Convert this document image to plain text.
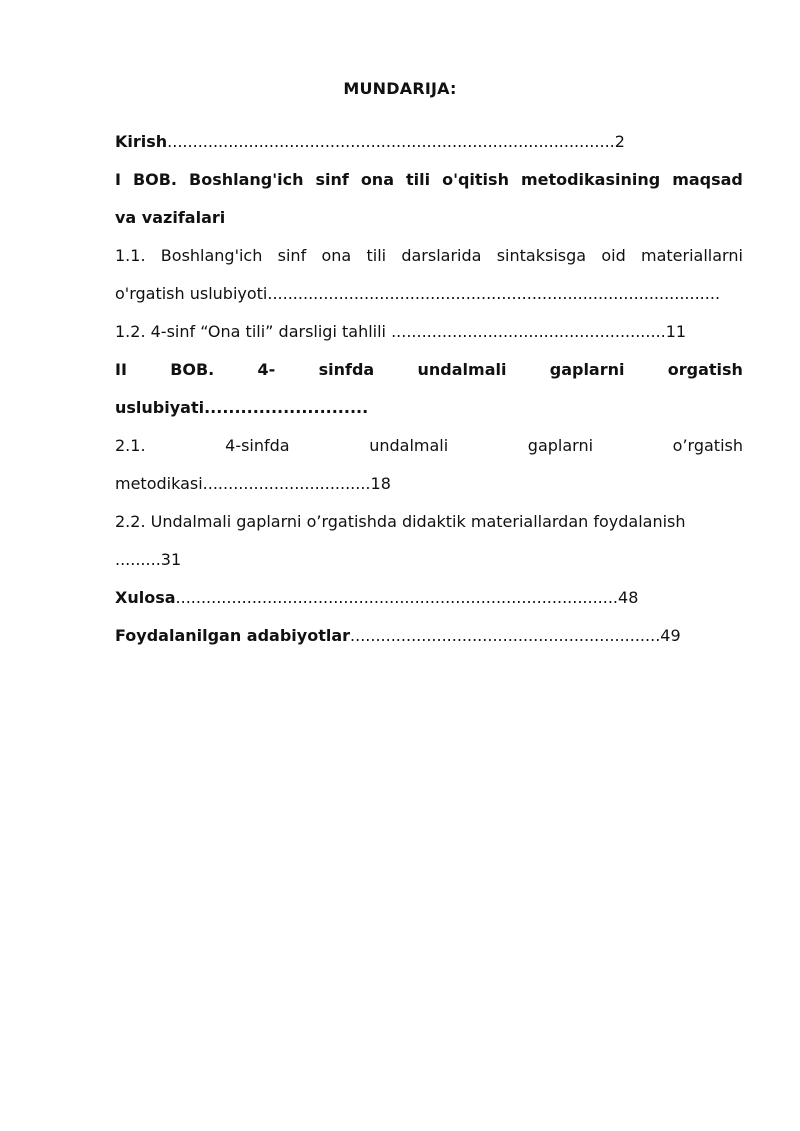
MUNDARIJA:
Kirish........................................................................................2
I BOB. Boshlang'ich sinf ona tili o'qitish metodikasining maqsad
va vazifalari
1.1. Boshlang'ich sinf ona tili darslarida sintaksisga oid materiallarni
o'rgatish uslubiyoti.........................................................................................
1.2. 4-sinf “Ona tili” darsligi tahlili ......................................................11
II	BOB.	4-	sinfda	undalmali	gaplarni	orgatish
uslubiyati...........................
2.1.	4-sinfda	undalmali	gaplarni	o’rgatish
metodikasi.................................18
2.2. Undalmali gaplarni o’rgatishda didaktik materiallardan foydalanish
.........31
Xulosa.......................................................................................48
Foydalanilgan adabiyotlar.............................................................49
